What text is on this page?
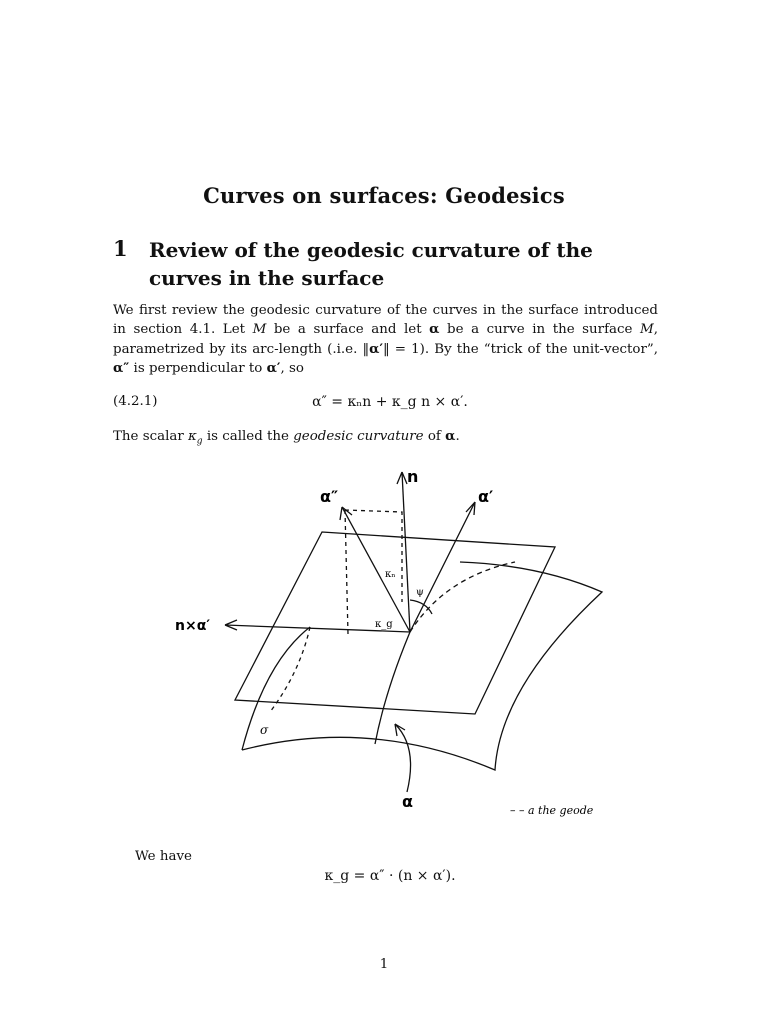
Curves on surfaces: Geodesics
1 Review of the geodesic curvature of the curves in the surface
We first review the geodesic curvature of the curves in the surface introduced in section 4.1. Let M be a surface and let α be a curve in the surface M, parametrized by its arc-length (.i.e. ‖α′‖ = 1). By the “trick of the unit-vector”, α″ is perpendicular to α′, so
(4.2.1)	α″ = κₙn + κ_g n × α′.
The scalar $\kappa_g$ is called the geodesic curvature of α.
α″
n
α′
n×α′
κₙ
ψ
κ_g
σ
α	– – a the geode
We have
κ_g = α″ · (n × α′).
1
